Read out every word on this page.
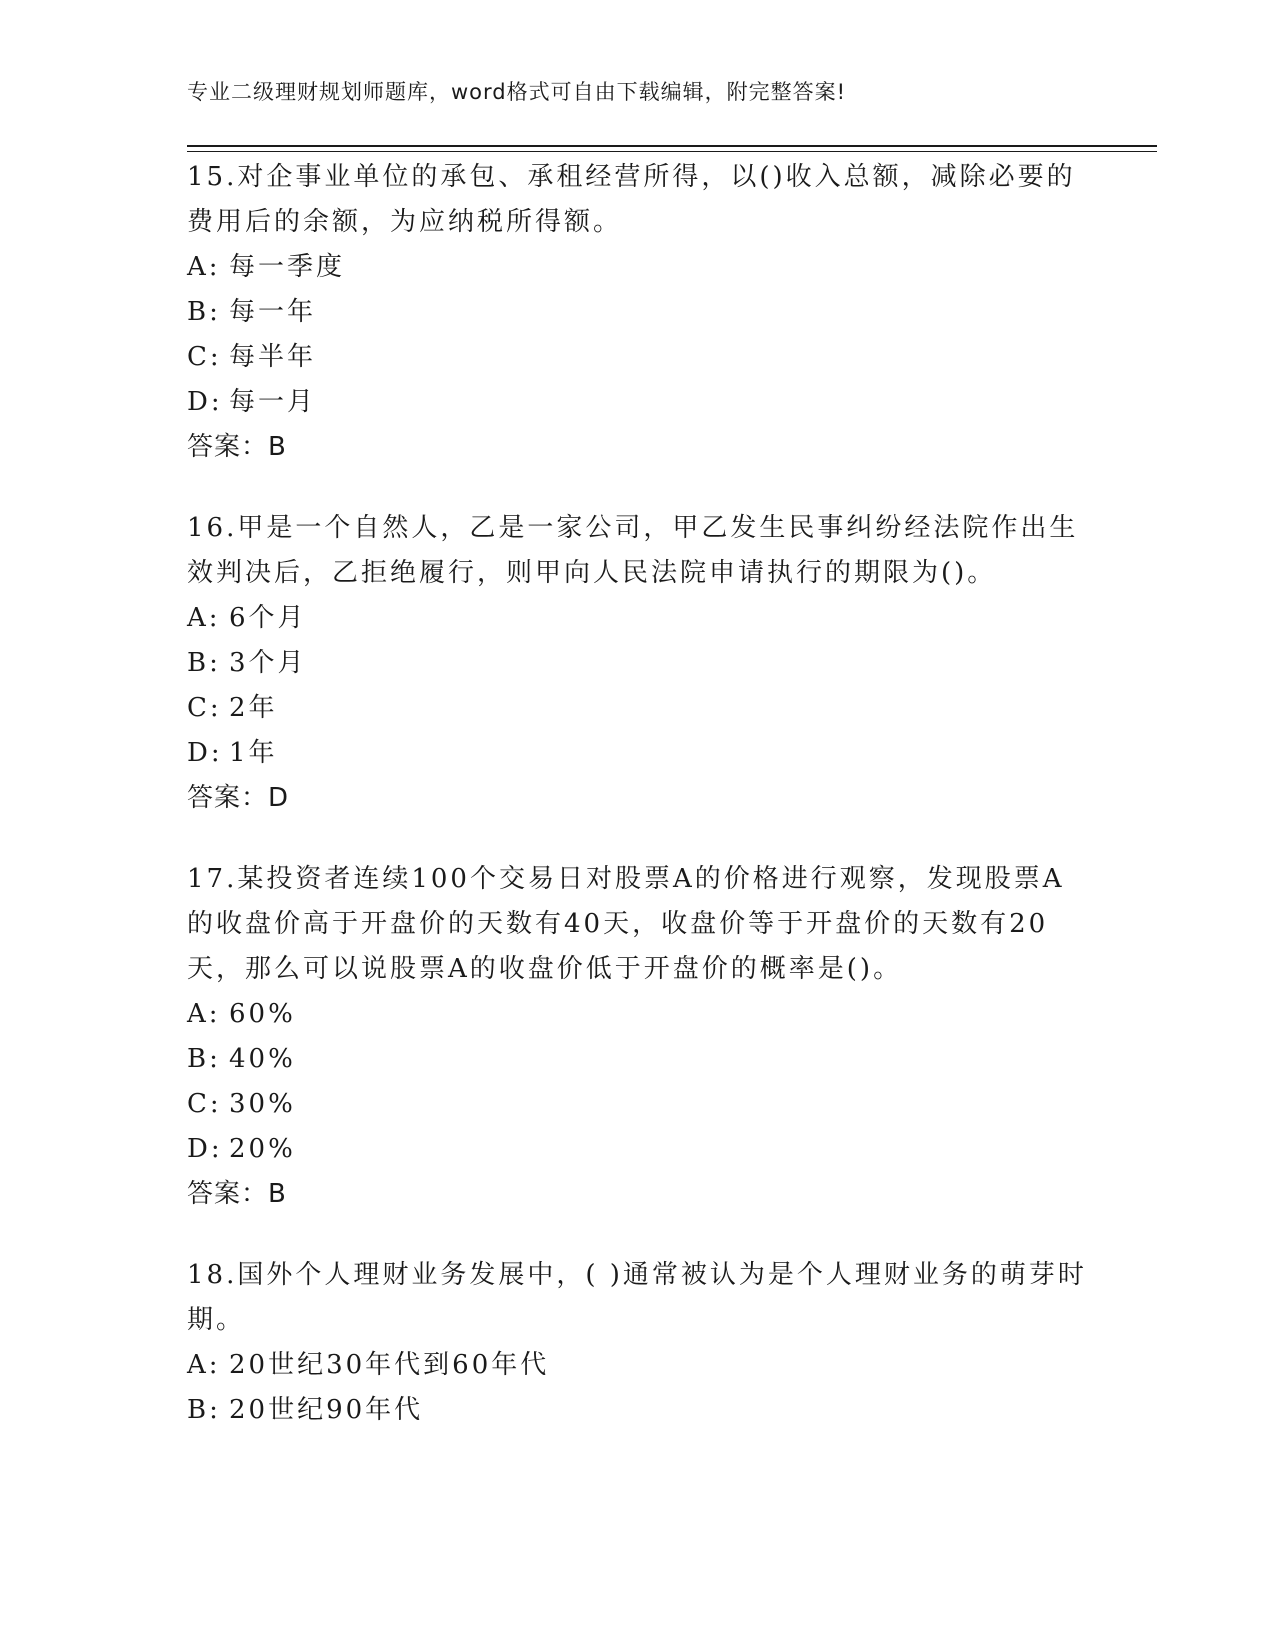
专业二级理财规划师题库，word格式可自由下载编辑，附完整答案!

15.对企事业单位的承包、承租经营所得，以()收入总额，减除必要的费用后的余额，为应纳税所得额。

A: 每一季度

B: 每一年

C: 每半年

D: 每一月

答案：B

16.甲是一个自然人，乙是一家公司，甲乙发生民事纠纷经法院作出生效判决后，乙拒绝履行，则甲向人民法院申请执行的期限为()。

A: 6个月

B: 3个月

C: 2年

D: 1年

答案：D

17.某投资者连续100个交易日对股票A的价格进行观察，发现股票A的收盘价高于开盘价的天数有40天，收盘价等于开盘价的天数有20天，那么可以说股票A的收盘价低于开盘价的概率是()。

A: 60%

B: 40%

C: 30%

D: 20%

答案：B

18.国外个人理财业务发展中，( )通常被认为是个人理财业务的萌芽时期。

A: 20世纪30年代到60年代

B: 20世纪90年代
